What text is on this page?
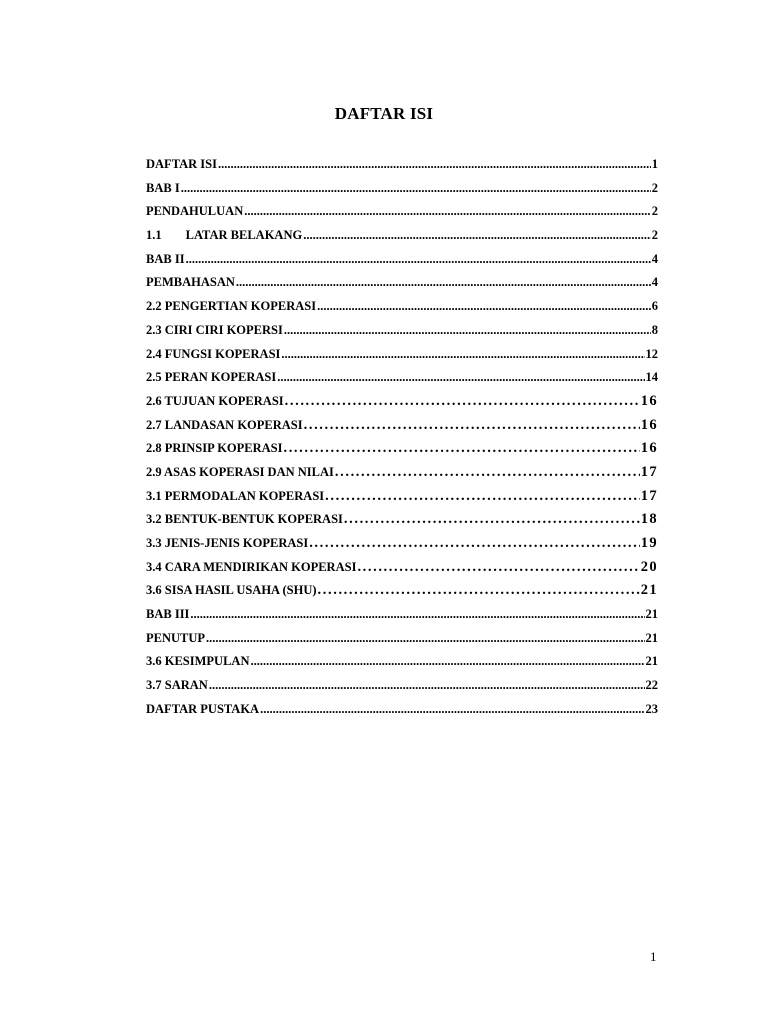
DAFTAR ISI
DAFTAR ISI .....	1
BAB I .....	2
PENDAHULUAN .....	2
1.1 LATAR BELAKANG .....	2
BAB II .....	4
PEMBAHASAN .....	4
2.2 PENGERTIAN KOPERASI .....	6
2.3 CIRI CIRI KOPERSI .....	8
2.4 FUNGSI KOPERASI .....	12
2.5 PERAN KOPERASI .....	14
2.6 TUJUAN KOPERASI .....	16
2.7 LANDASAN KOPERASI .....	16
2.8 PRINSIP KOPERASI .....	16
2.9 ASAS KOPERASI DAN NILAI .....	17
3.1 PERMODALAN KOPERASI .....	17
3.2 BENTUK-BENTUK KOPERASI .....	18
3.3 JENIS-JENIS KOPERASI .....	19
3.4 CARA MENDIRIKAN KOPERASI .....	20
3.6 SISA HASIL USAHA (SHU) .....	21
BAB III .....	21
PENUTUP .....	21
3.6 KESIMPULAN .....	21
3.7 SARAN .....	22
DAFTAR PUSTAKA .....	23
1
